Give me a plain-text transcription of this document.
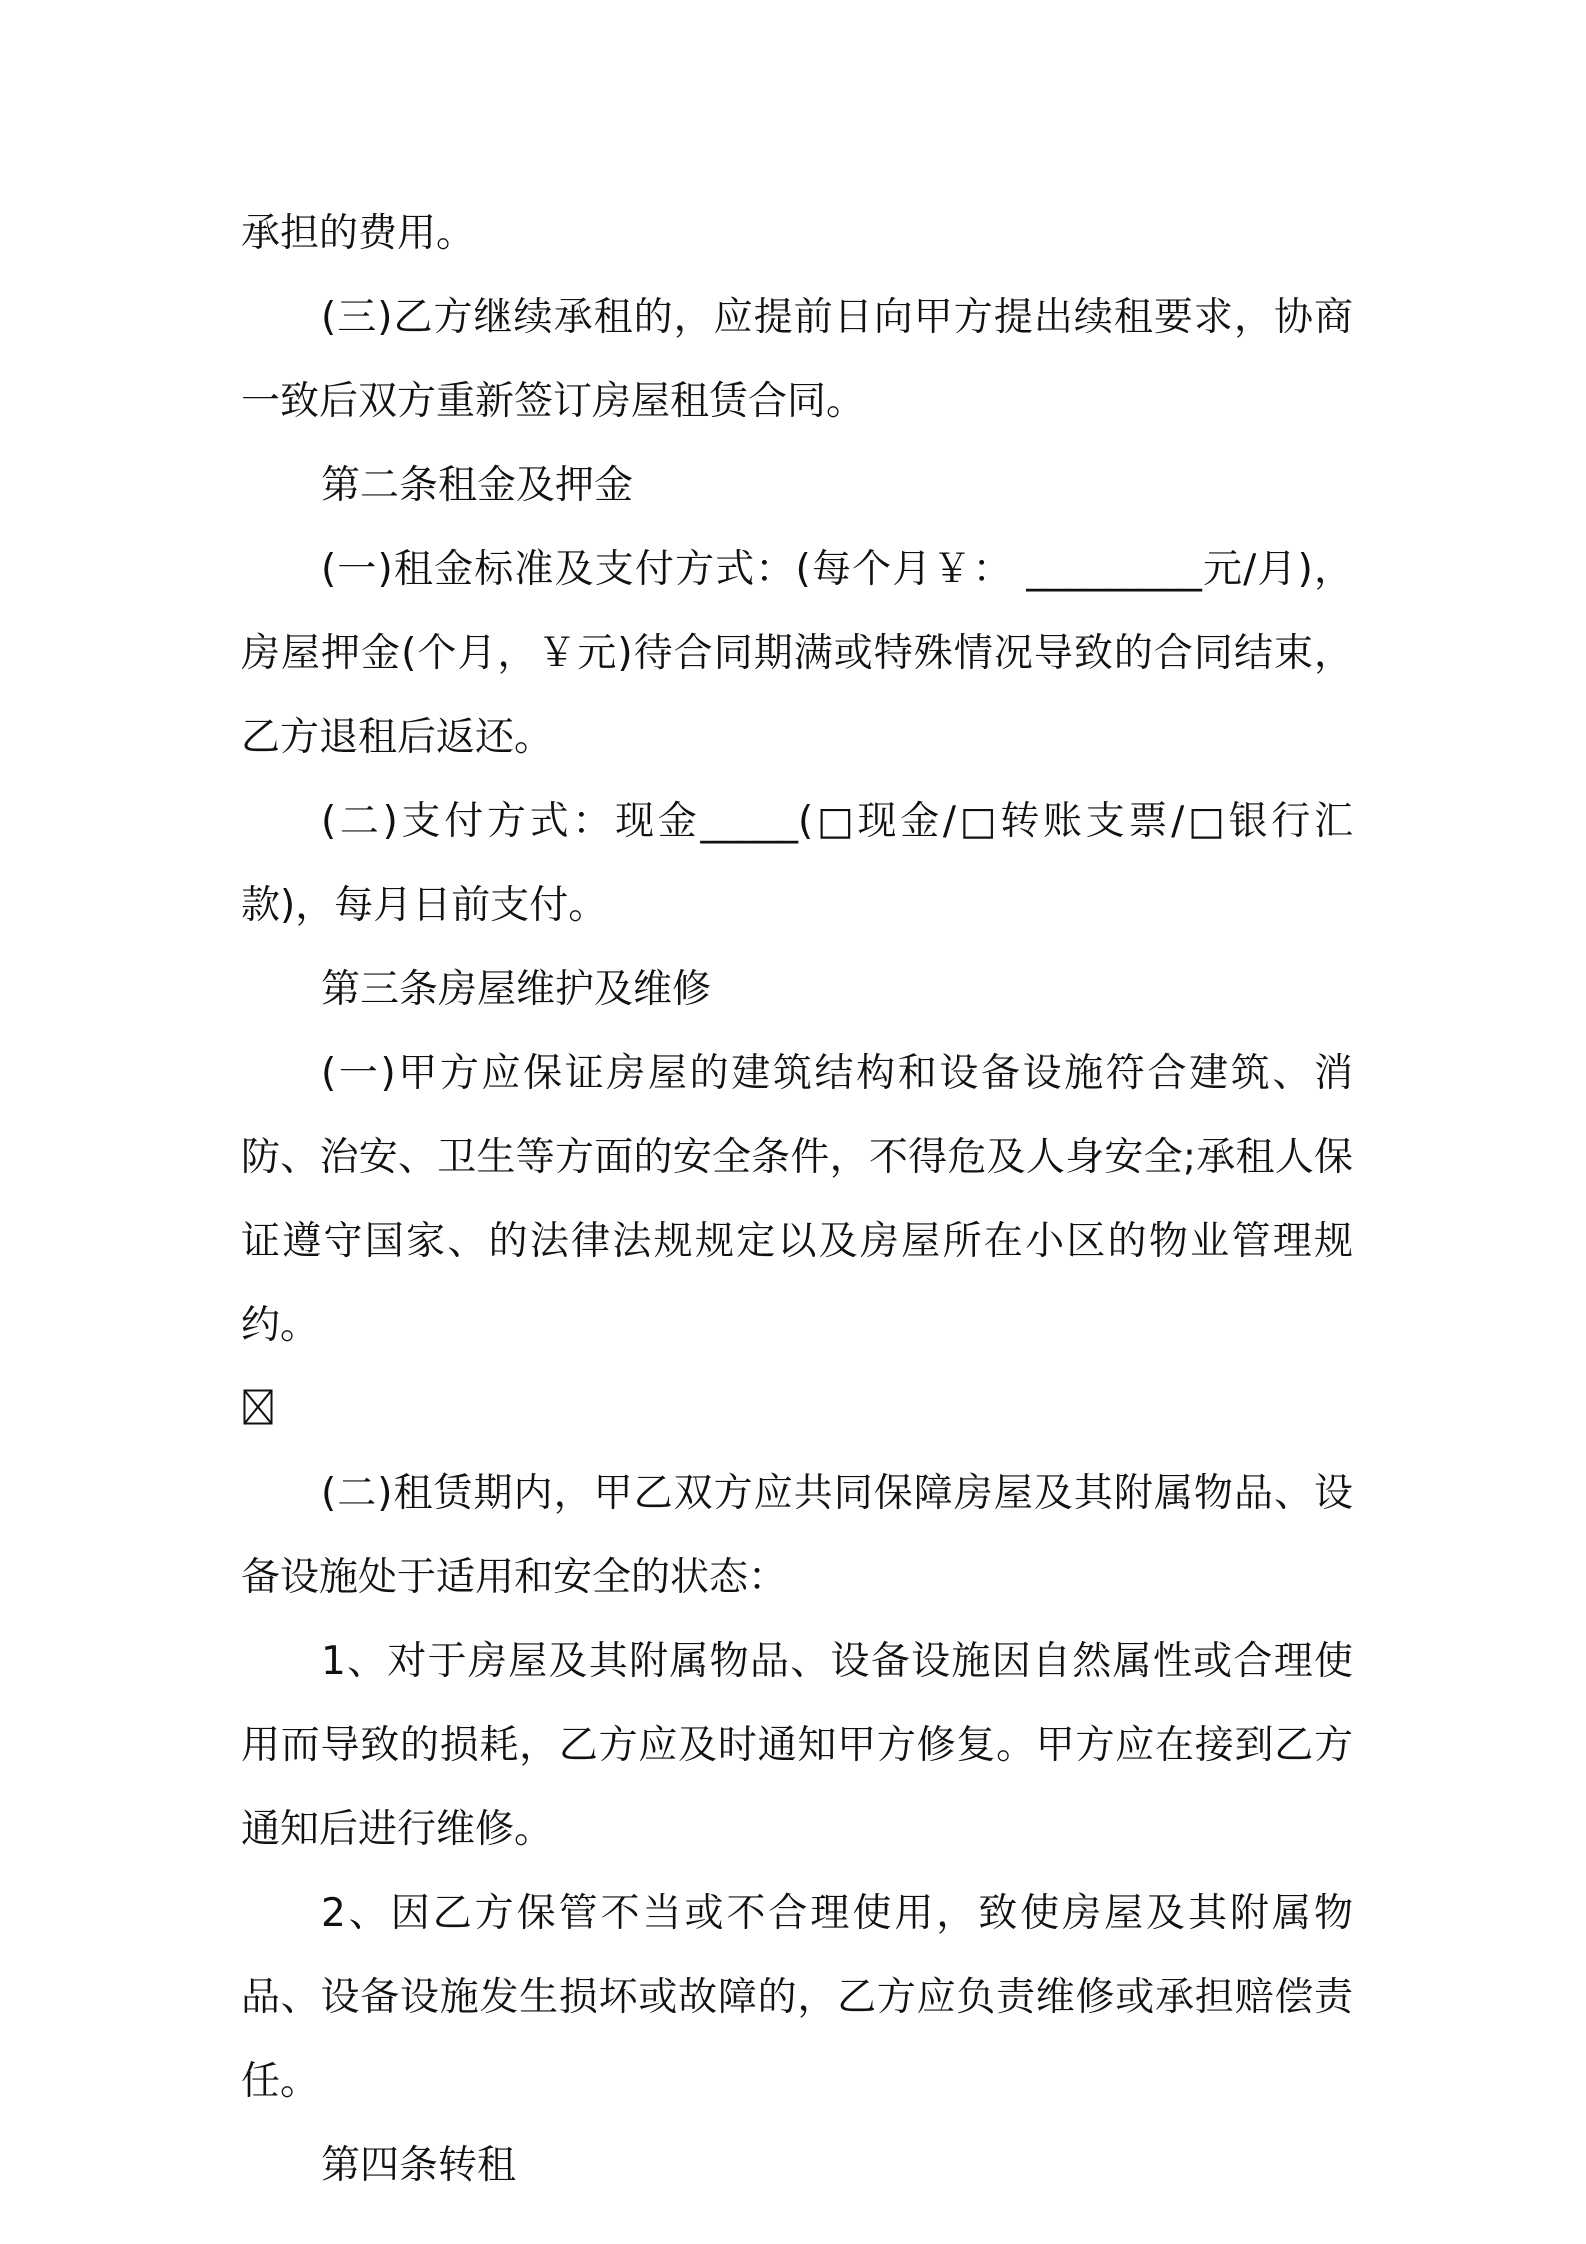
承担的费用。

(三)乙方继续承租的，应提前日向甲方提出续租要求，协商一致后双方重新签订房屋租赁合同。

第二条租金及押金

(一)租金标准及支付方式：(每个月￥： _________元/月)，房屋押金(个月，￥元)待合同期满或特殊情况导致的合同结束，乙方退租后返还。

(二)支付方式：现金_____(□现金/□转账支票/□银行汇款)，每月日前支付。

第三条房屋维护及维修

(一)甲方应保证房屋的建筑结构和设备设施符合建筑、消防、治安、卫生等方面的安全条件，不得危及人身安全;承租人保证遵守国家、的法律法规规定以及房屋所在小区的物业管理规约。

(二)租赁期内，甲乙双方应共同保障房屋及其附属物品、设备设施处于适用和安全的状态：

1、对于房屋及其附属物品、设备设施因自然属性或合理使用而导致的损耗，乙方应及时通知甲方修复。甲方应在接到乙方通知后进行维修。

2、因乙方保管不当或不合理使用，致使房屋及其附属物品、设备设施发生损坏或故障的，乙方应负责维修或承担赔偿责任。

第四条转租
